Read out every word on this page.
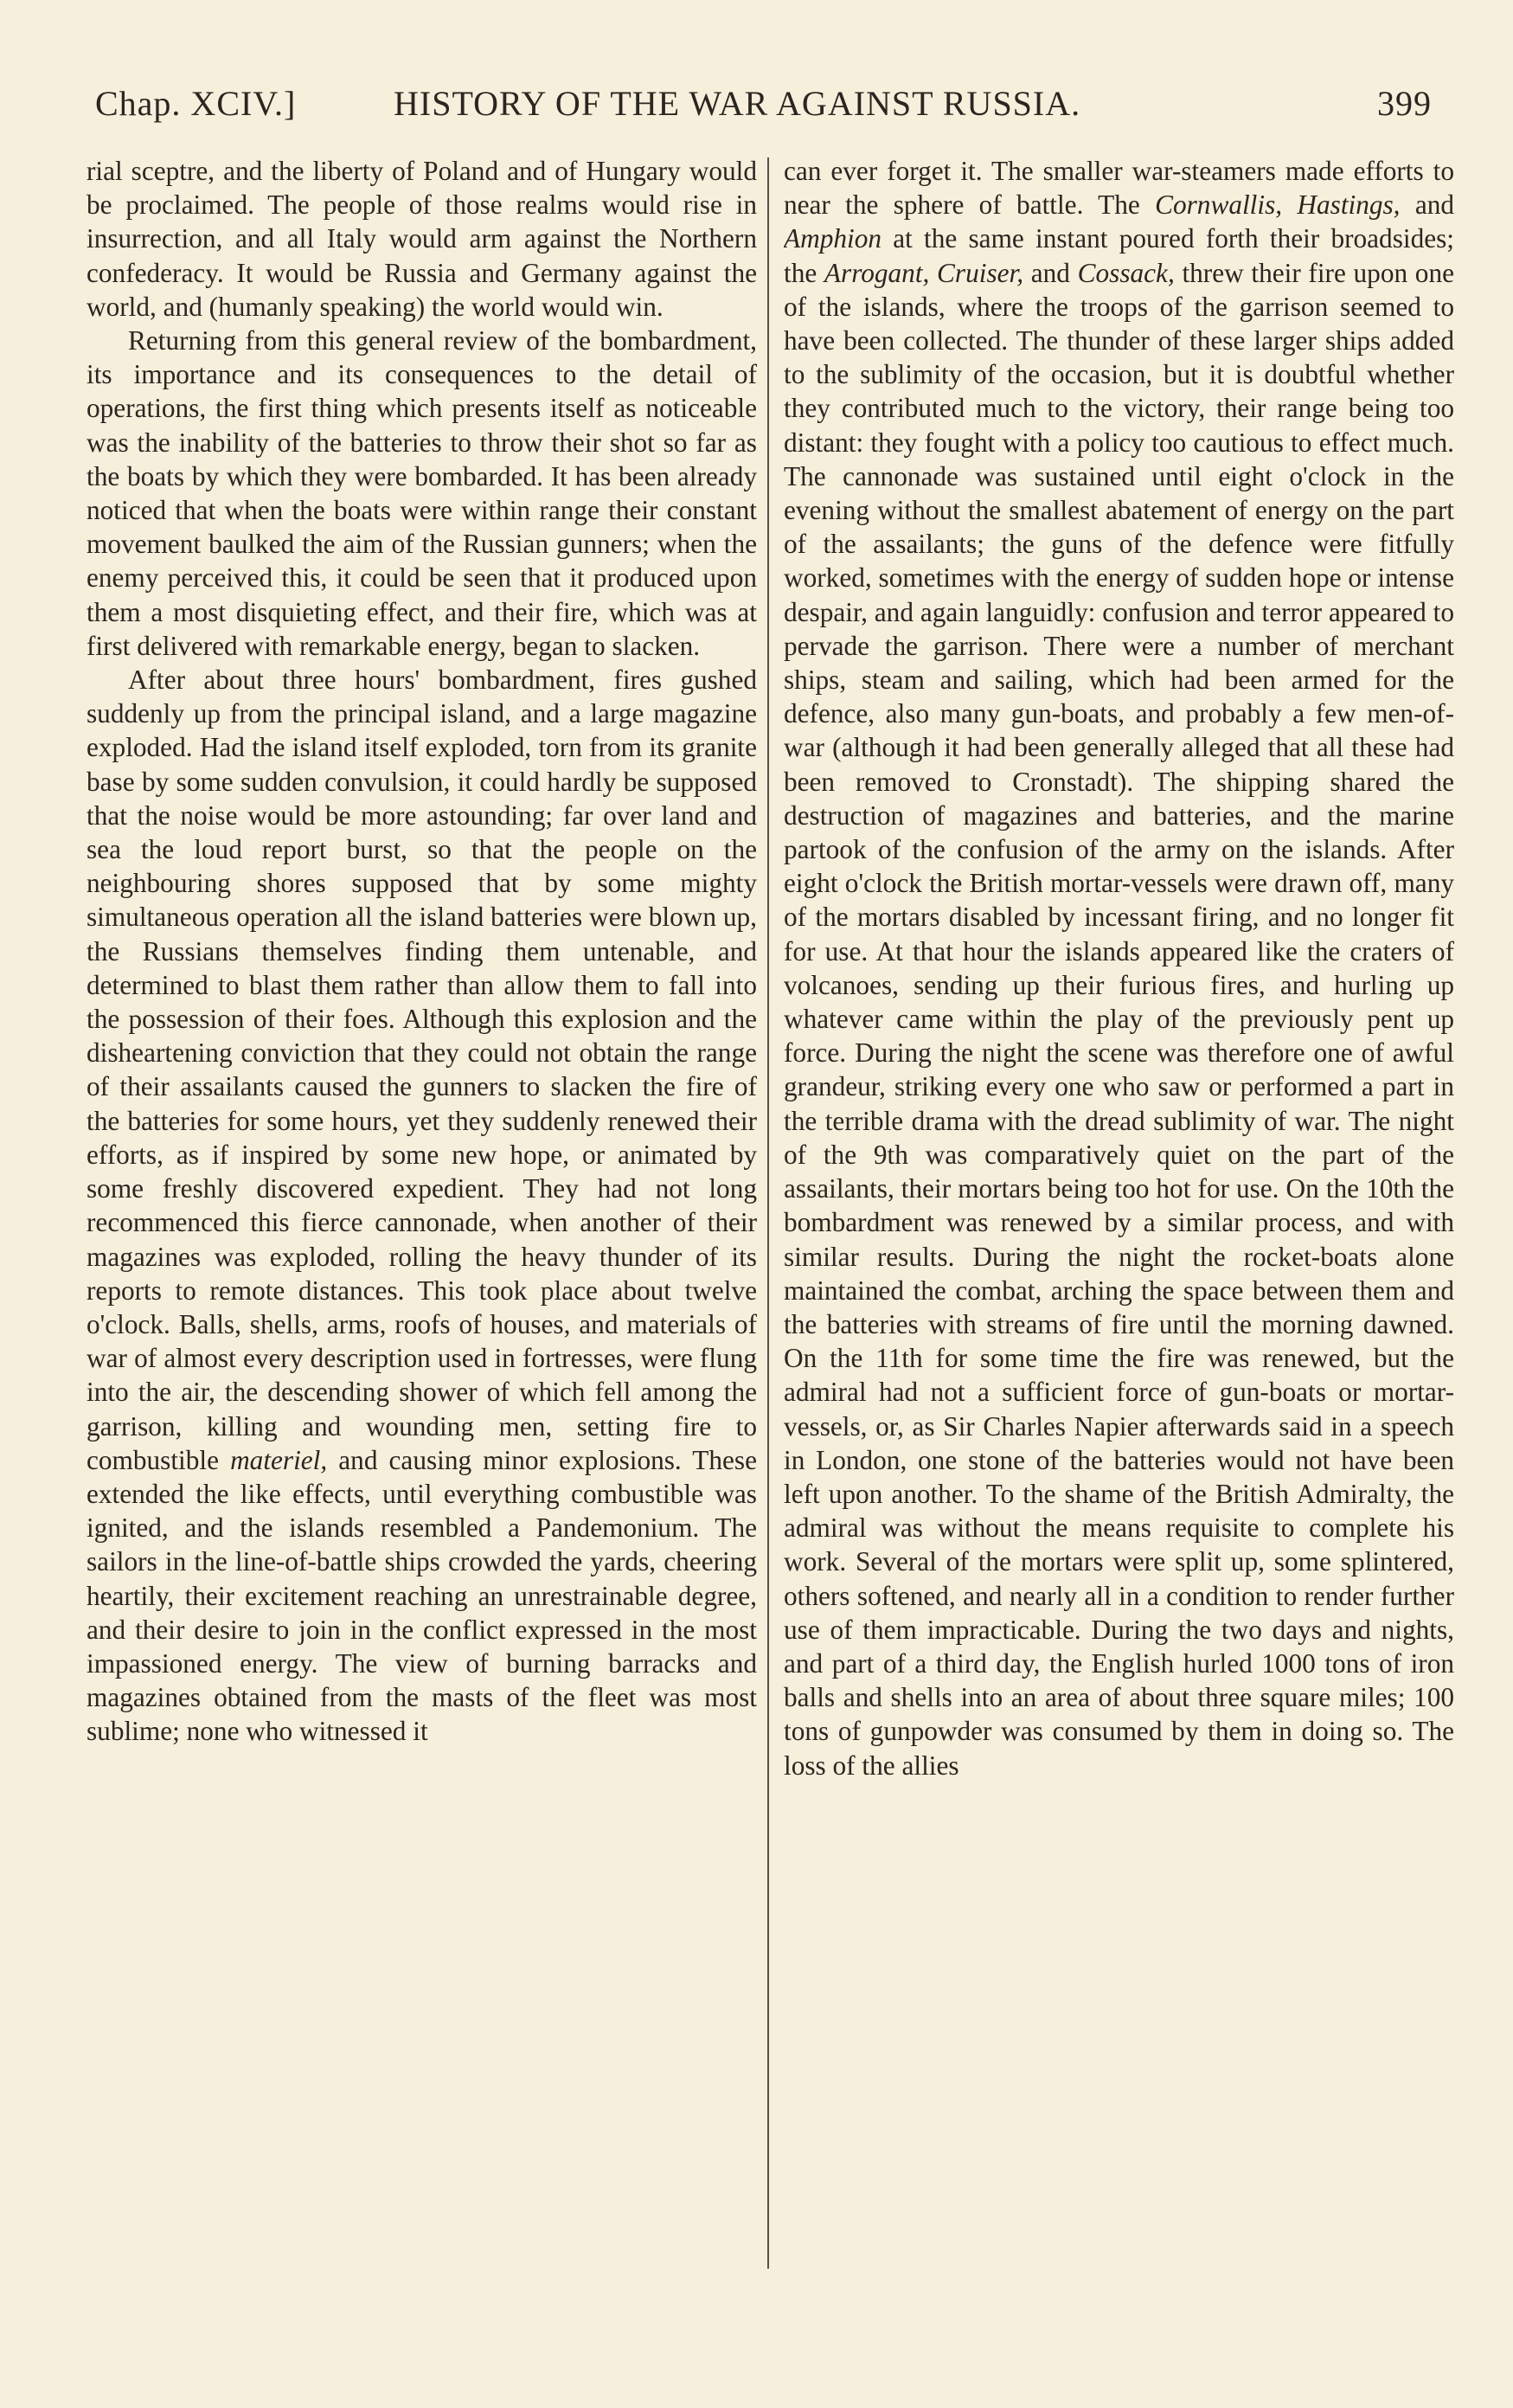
Chap. XCIV.]	HISTORY OF THE WAR AGAINST RUSSIA.	399

rial sceptre, and the liberty of Poland and of Hungary would be proclaimed. The people of those realms would rise in insurrection, and all Italy would arm against the Northern confederacy. It would be Russia and Germany against the world, and (humanly speaking) the world would win.

Returning from this general review of the bombardment, its importance and its consequences to the detail of operations, the first thing which presents itself as noticeable was the inability of the batteries to throw their shot so far as the boats by which they were bombarded. It has been already noticed that when the boats were within range their constant movement baulked the aim of the Russian gunners; when the enemy perceived this, it could be seen that it produced upon them a most disquieting effect, and their fire, which was at first delivered with remarkable energy, began to slacken.

After about three hours' bombardment, fires gushed suddenly up from the principal island, and a large magazine exploded. Had the island itself exploded, torn from its granite base by some sudden convulsion, it could hardly be supposed that the noise would be more astounding; far over land and sea the loud report burst, so that the people on the neighbouring shores supposed that by some mighty simultaneous operation all the island batteries were blown up, the Russians themselves finding them untenable, and determined to blast them rather than allow them to fall into the possession of their foes. Although this explosion and the disheartening conviction that they could not obtain the range of their assailants caused the gunners to slacken the fire of the batteries for some hours, yet they suddenly renewed their efforts, as if inspired by some new hope, or animated by some freshly discovered expedient. They had not long recommenced this fierce cannonade, when another of their magazines was exploded, rolling the heavy thunder of its reports to remote distances. This took place about twelve o'clock. Balls, shells, arms, roofs of houses, and materials of war of almost every description used in fortresses, were flung into the air, the descending shower of which fell among the garrison, killing and wounding men, setting fire to combustible materiel, and causing minor explosions. These extended the like effects, until everything combustible was ignited, and the islands resembled a Pandemonium. The sailors in the line-of-battle ships crowded the yards, cheering heartily, their excitement reaching an unrestrainable degree, and their desire to join in the conflict expressed in the most impassioned energy. The view of burning barracks and magazines obtained from the masts of the fleet was most sublime; none who witnessed it

can ever forget it. The smaller war-steamers made efforts to near the sphere of battle. The Cornwallis, Hastings, and Amphion at the same instant poured forth their broadsides; the Arrogant, Cruiser, and Cossack, threw their fire upon one of the islands, where the troops of the garrison seemed to have been collected. The thunder of these larger ships added to the sublimity of the occasion, but it is doubtful whether they contributed much to the victory, their range being too distant: they fought with a policy too cautious to effect much. The cannonade was sustained until eight o'clock in the evening without the smallest abatement of energy on the part of the assailants; the guns of the defence were fitfully worked, sometimes with the energy of sudden hope or intense despair, and again languidly: confusion and terror appeared to pervade the garrison. There were a number of merchant ships, steam and sailing, which had been armed for the defence, also many gun-boats, and probably a few men-of-war (although it had been generally alleged that all these had been removed to Cronstadt). The shipping shared the destruction of magazines and batteries, and the marine partook of the confusion of the army on the islands. After eight o'clock the British mortar-vessels were drawn off, many of the mortars disabled by incessant firing, and no longer fit for use. At that hour the islands appeared like the craters of volcanoes, sending up their furious fires, and hurling up whatever came within the play of the previously pent up force. During the night the scene was therefore one of awful grandeur, striking every one who saw or performed a part in the terrible drama with the dread sublimity of war. The night of the 9th was comparatively quiet on the part of the assailants, their mortars being too hot for use. On the 10th the bombardment was renewed by a similar process, and with similar results. During the night the rocket-boats alone maintained the combat, arching the space between them and the batteries with streams of fire until the morning dawned. On the 11th for some time the fire was renewed, but the admiral had not a sufficient force of gun-boats or mortar-vessels, or, as Sir Charles Napier afterwards said in a speech in London, one stone of the batteries would not have been left upon another. To the shame of the British Admiralty, the admiral was without the means requisite to complete his work. Several of the mortars were split up, some splintered, others softened, and nearly all in a condition to render further use of them impracticable. During the two days and nights, and part of a third day, the English hurled 1000 tons of iron balls and shells into an area of about three square miles; 100 tons of gunpowder was consumed by them in doing so. The loss of the allies
